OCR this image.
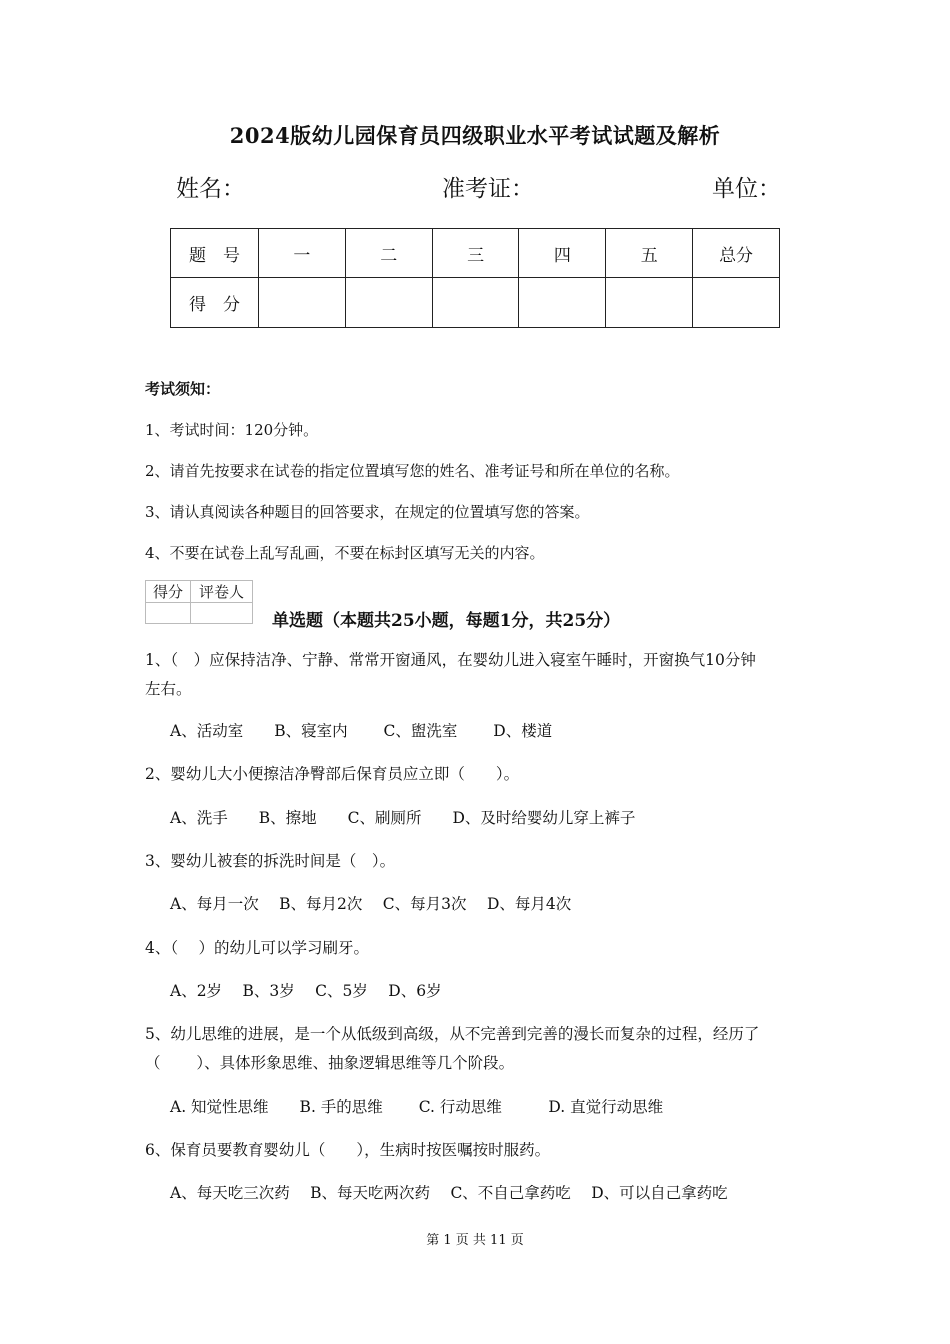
2024版幼儿园保育员四级职业水平考试试题及解析
姓名：	准考证：	单位：
题　号	一	二	三	四	五	总分
得　分						
考试须知：
1、考试时间：120分钟。
2、请首先按要求在试卷的指定位置填写您的姓名、准考证号和所在单位的名称。
3、请认真阅读各种题目的回答要求，在规定的位置填写您的答案。
4、不要在试卷上乱写乱画，不要在标封区填写无关的内容。
得分	评卷人

单选题（本题共25小题，每题1分，共25分）
1、（　）应保持洁净、宁静、常常开窗通风，在婴幼儿进入寝室午睡时，开窗换气10分钟
左右。
A、活动室　　B、寝室内　　 C、盥洗室　　 D、楼道
2、婴幼儿大小便擦洁净臀部后保育员应立即（　　）。
A、洗手　　B、擦地　　C、刷厕所　　D、及时给婴幼儿穿上裤子
3、婴幼儿被套的拆洗时间是（　）。
A、每月一次　 B、每月2次　 C、每月3次　 D、每月4次
4、（　 ）的幼儿可以学习刷牙。
A、2岁　 B、3岁　 C、5岁　 D、6岁
5、幼儿思维的进展，是一个从低级到高级，从不完善到完善的漫长而复杂的过程，经历了
（　　 ）、具体形象思维、抽象逻辑思维等几个阶段。
A. 知觉性思维　　B. 手的思维　　 C. 行动思维　　　D. 直觉行动思维
6、保育员要教育婴幼儿（　　），生病时按医嘱按时服药。
A、每天吃三次药　 B、每天吃两次药　 C、不自己拿药吃　 D、可以自己拿药吃
第 1 页 共 11 页
